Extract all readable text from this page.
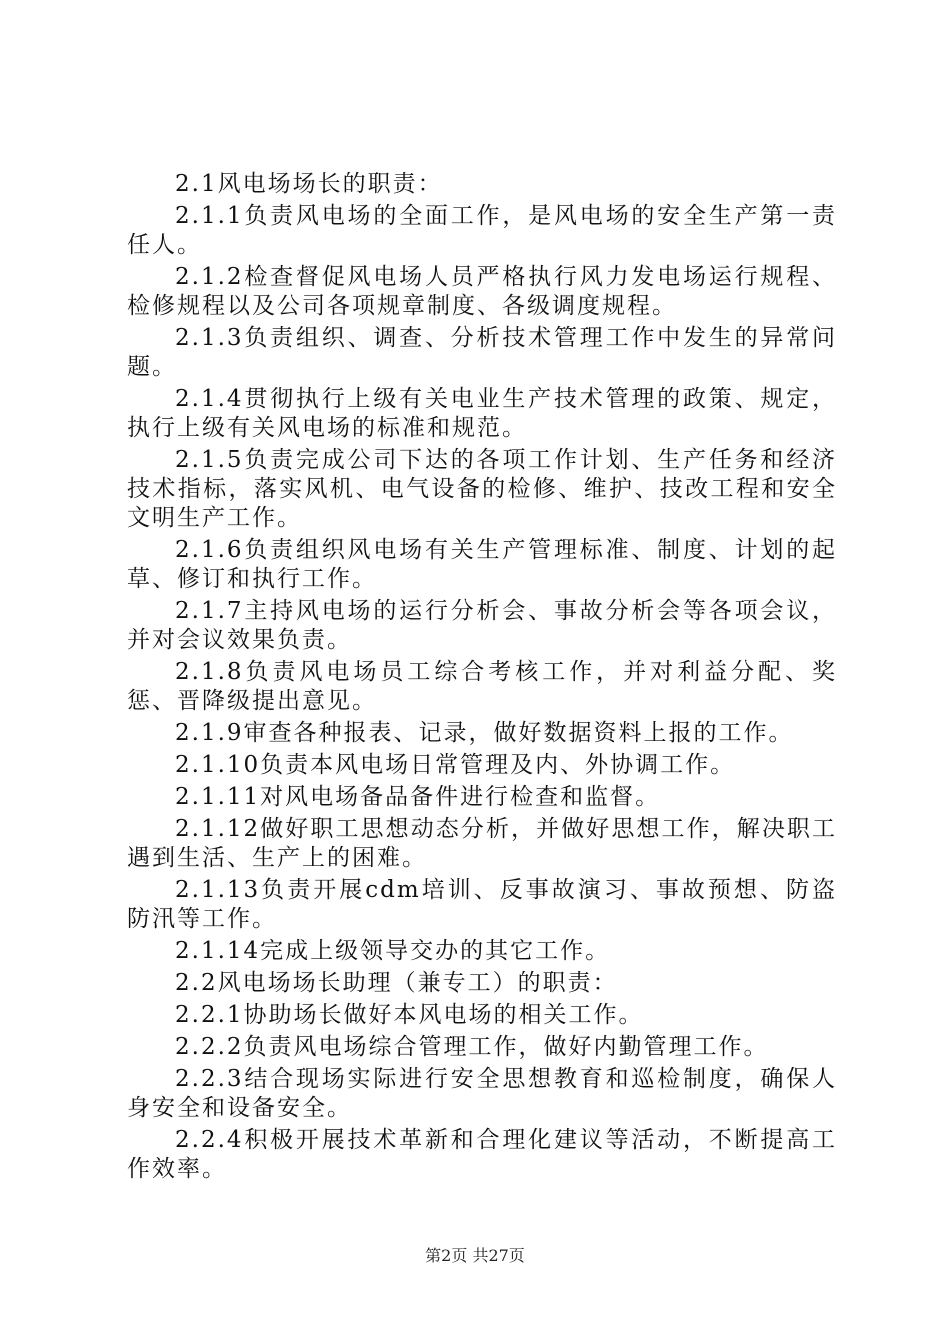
2.1风电场场长的职责：

2.1.1负责风电场的全面工作，是风电场的安全生产第一责任人。

2.1.2检查督促风电场人员严格执行风力发电场运行规程、检修规程以及公司各项规章制度、各级调度规程。

2.1.3负责组织、调查、分析技术管理工作中发生的异常问题。

2.1.4贯彻执行上级有关电业生产技术管理的政策、规定，执行上级有关风电场的标准和规范。

2.1.5负责完成公司下达的各项工作计划、生产任务和经济技术指标，落实风机、电气设备的检修、维护、技改工程和安全文明生产工作。

2.1.6负责组织风电场有关生产管理标准、制度、计划的起草、修订和执行工作。

2.1.7主持风电场的运行分析会、事故分析会等各项会议，并对会议效果负责。

2.1.8负责风电场员工综合考核工作，并对利益分配、奖惩、晋降级提出意见。

2.1.9审查各种报表、记录，做好数据资料上报的工作。

2.1.10负责本风电场日常管理及内、外协调工作。

2.1.11对风电场备品备件进行检查和监督。

2.1.12做好职工思想动态分析，并做好思想工作，解决职工遇到生活、生产上的困难。

2.1.13负责开展cdm培训、反事故演习、事故预想、防盗防汛等工作。

2.1.14完成上级领导交办的其它工作。

2.2风电场场长助理（兼专工）的职责：

2.2.1协助场长做好本风电场的相关工作。

2.2.2负责风电场综合管理工作，做好内勤管理工作。

2.2.3结合现场实际进行安全思想教育和巡检制度，确保人身安全和设备安全。

2.2.4积极开展技术革新和合理化建议等活动，不断提高工作效率。

第2页 共27页
